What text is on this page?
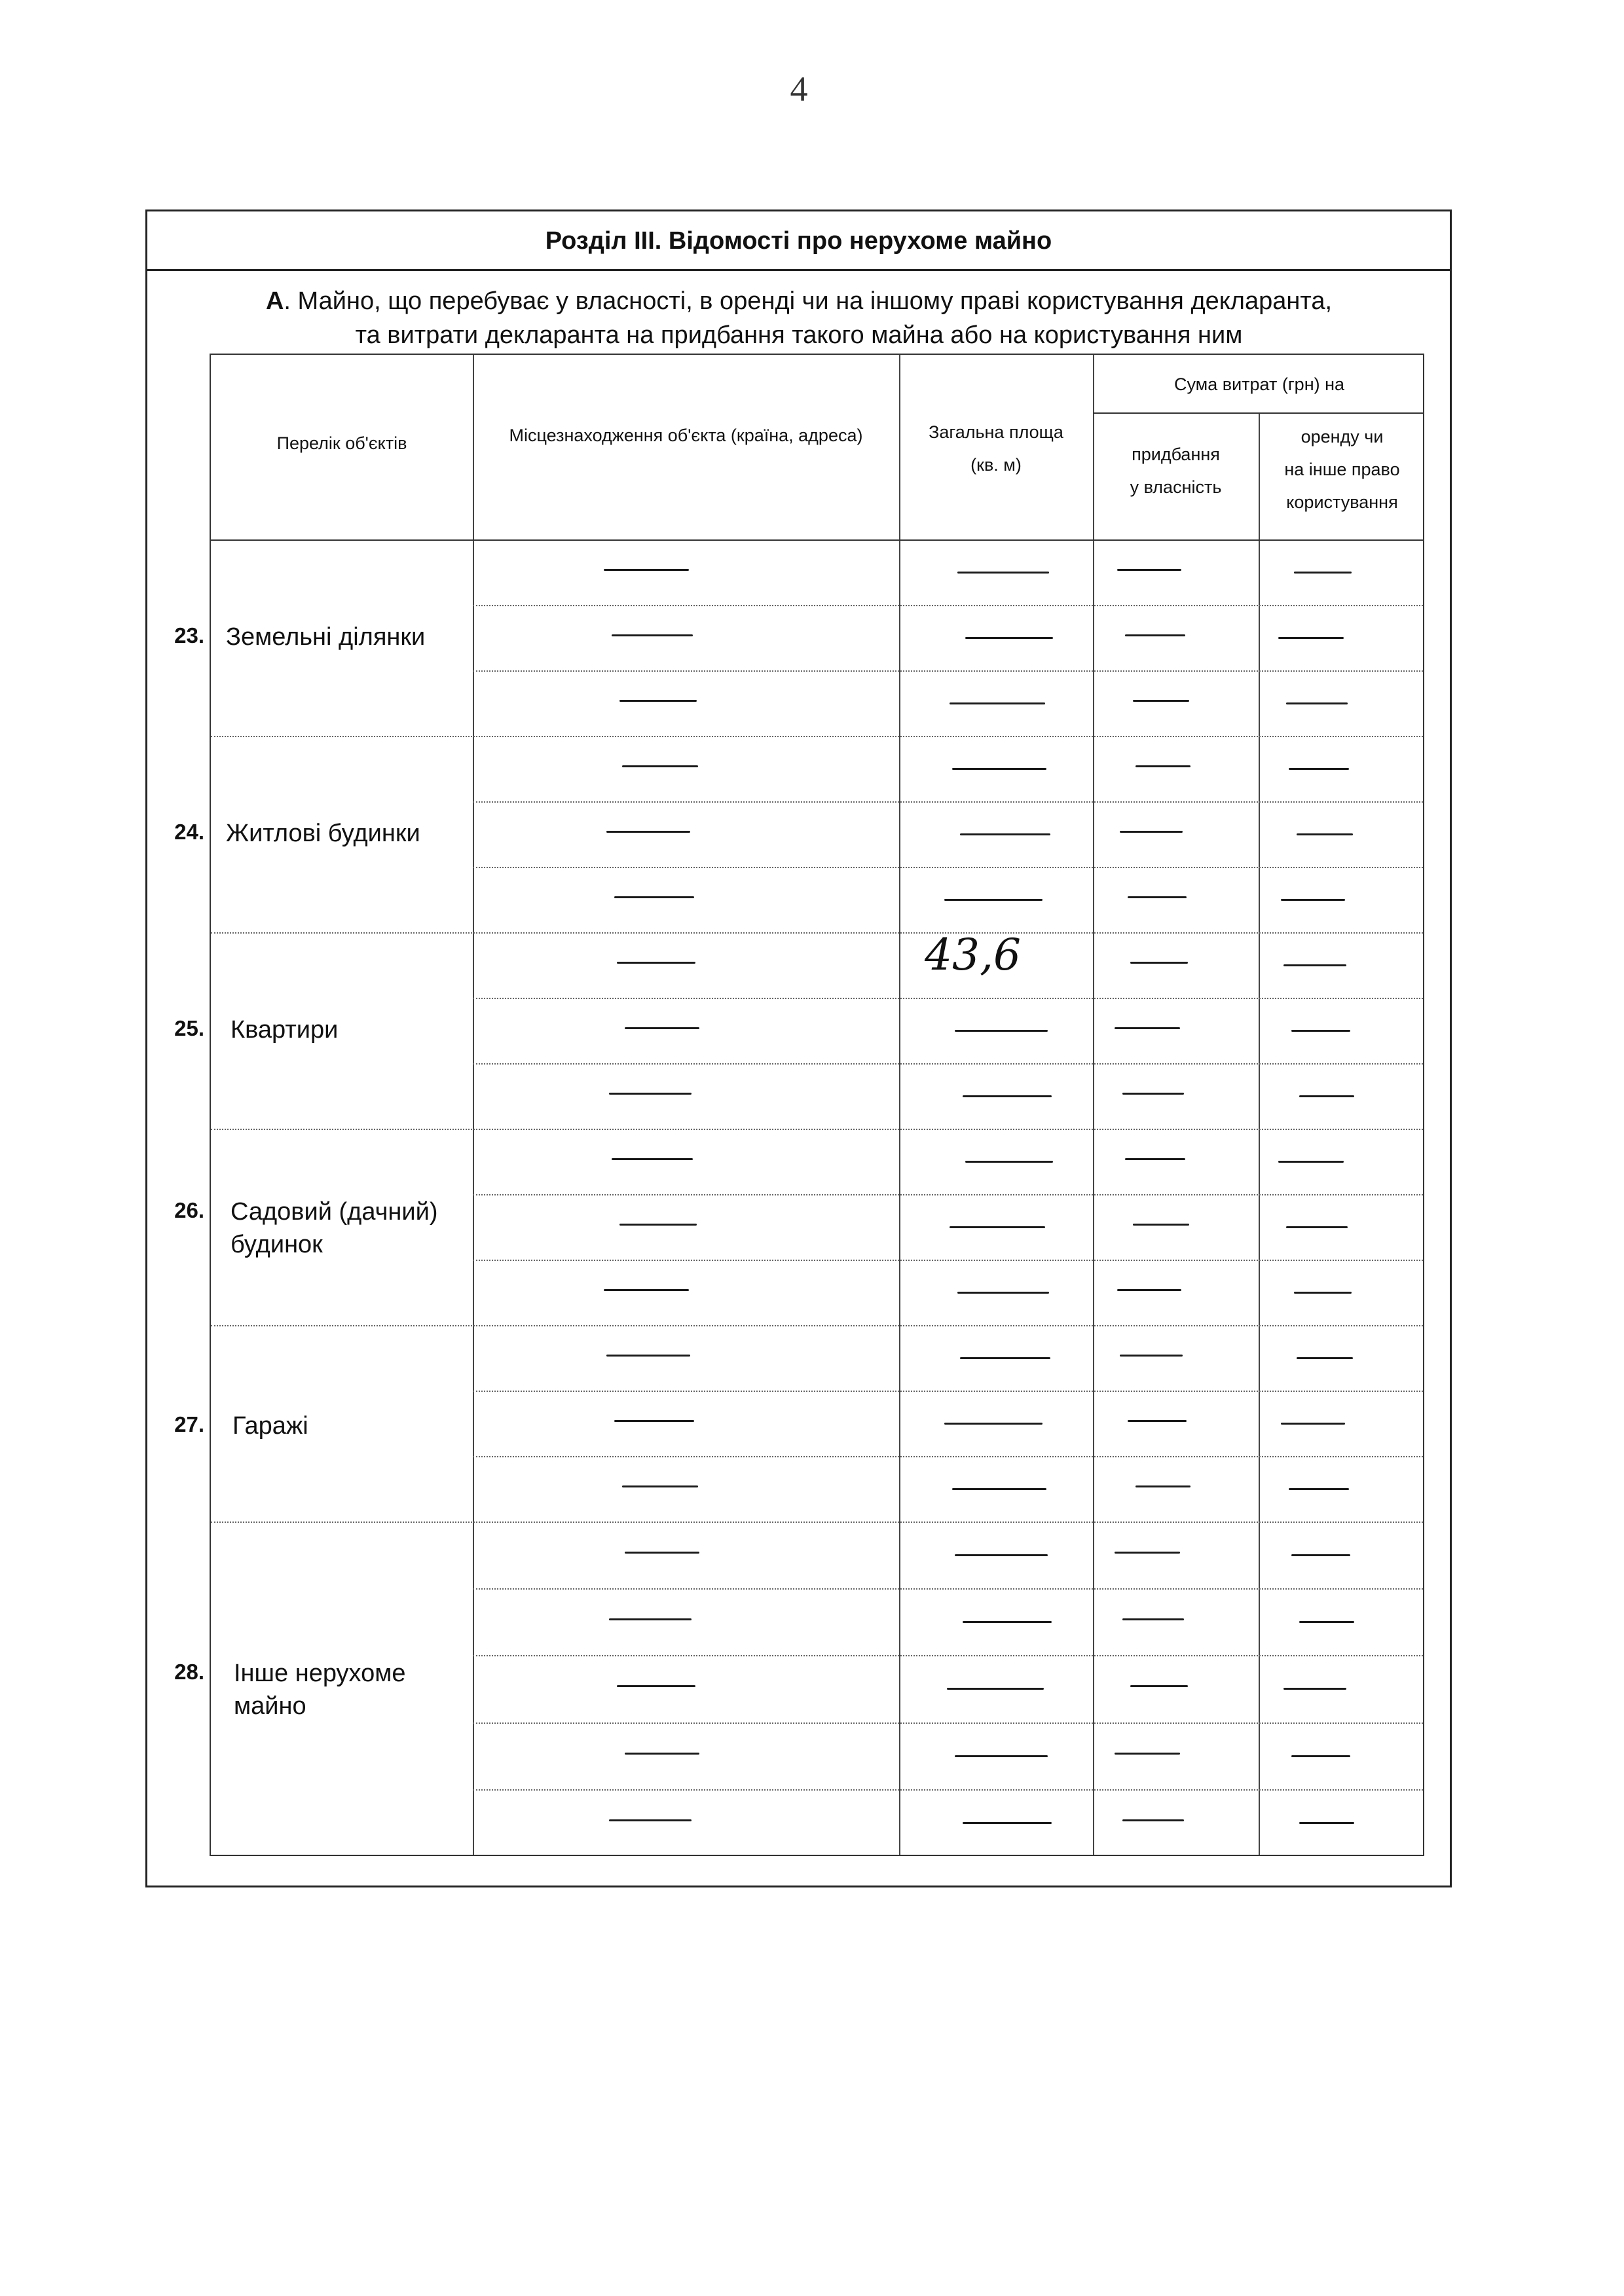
4
Розділ ІІІ. Відомості про нерухоме майно
А. Майно, що перебуває у власності, в оренді чи на іншому праві користування декларанта,
та витрати декларанта на придбання такого майна або на користування ним
Перелік об'єктів	Місцезнаходження об'єкта (країна, адреса)	Загальна площа
(кв. м)
Сума витрат (грн) на
придбання
у власність
оренду чи
на інше право
користування
43,6
23. Земельні ділянки
24. Житлові будинки
25. Квартири
26. Садовий (дачний)
будинок
27. Гаражі
28. Інше нерухоме
майно
